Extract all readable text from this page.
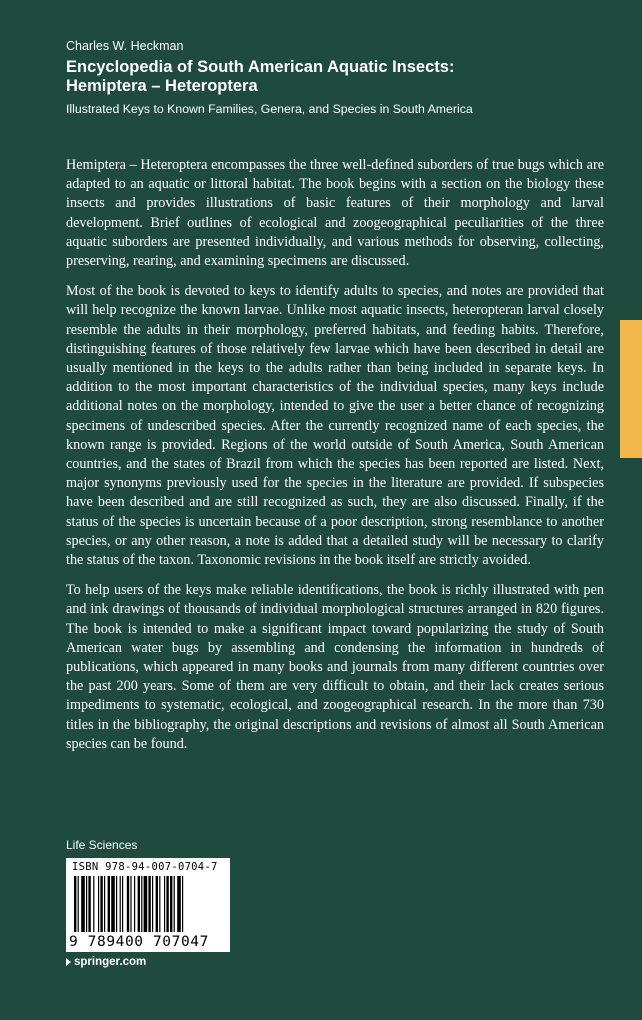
Charles W. Heckman

Encyclopedia of South American Aquatic Insects:

Hemiptera – Heteroptera

Illustrated Keys to Known Families, Genera, and Species in South America

Hemiptera – Heteroptera encompasses the three well-defined suborders of true bugs which are adapted to an aquatic or littoral habitat. The book begins with a section on the biology these insects and provides illustrations of basic features of their morphology and larval development. Brief outlines of ecological and zoogeographical peculiarities of the three aquatic suborders are presented individually, and various methods for observing, collecting, preserving, rearing, and examining specimens are discussed.

Most of the book is devoted to keys to identify adults to species, and notes are provided that will help recognize the known larvae. Unlike most aquatic insects, heteropteran larval closely resemble the adults in their morphology, preferred habitats, and feeding habits. Therefore, distinguishing features of those relatively few larvae which have been described in detail are usually mentioned in the keys to the adults rather than being included in separate keys. In addition to the most important characteristics of the individual species, many keys include additional notes on the morphology, intended to give the user a better chance of recognizing specimens of undescribed species. After the currently recognized name of each species, the known range is provided. Regions of the world outside of South America, South American countries, and the states of Brazil from which the species has been reported are listed. Next, major synonyms previously used for the species in the literature are provided. If subspecies have been described and are still recognized as such, they are also discussed. Finally, if the status of the species is uncertain because of a poor description, strong resemblance to another species, or any other reason, a note is added that a detailed study will be necessary to clarify the status of the taxon. Taxonomic revisions in the book itself are strictly avoided.

To help users of the keys make reliable identifications, the book is richly illustrated with pen and ink drawings of thousands of individual morphological structures arranged in 820 figures. The book is intended to make a significant impact toward popularizing the study of South American water bugs by assembling and condensing the information in hundreds of publications, which appeared in many books and journals from many different countries over the past 200 years. Some of them are very difficult to obtain, and their lack creates serious impediments to systematic, ecological, and zoogeographical research. In the more than 730 titles in the bibliography, the original descriptions and revisions of almost all South American species can be found.

Life Sciences
ISBN 978-94-007-0704-7
9 789400 707047
springer.com
